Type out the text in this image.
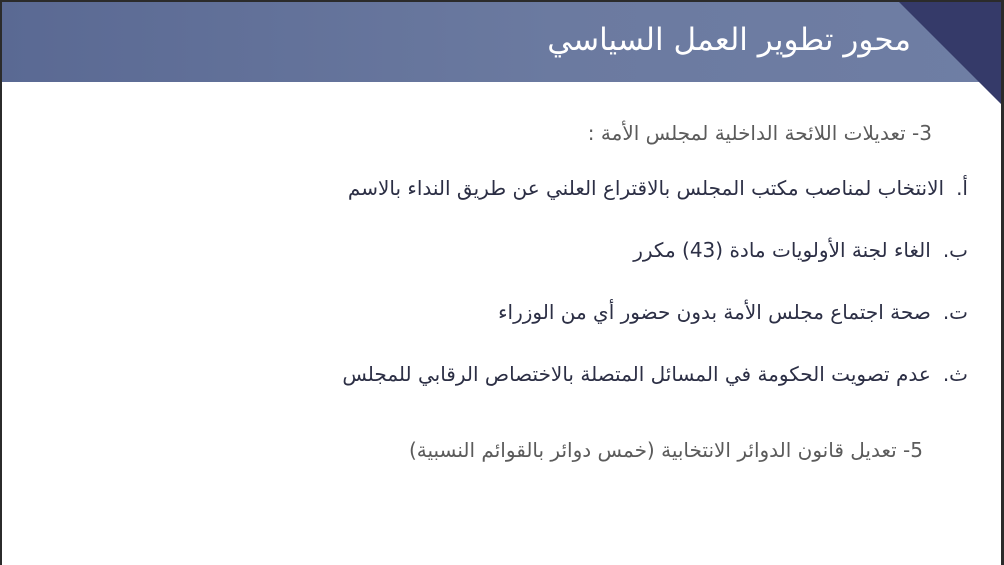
محور تطوير العمل السياسي
3- تعديلات اللائحة الداخلية لمجلس الأمة :
أ.الانتخاب لمناصب مكتب المجلس بالاقتراع العلني عن طريق النداء بالاسم
ب.الغاء لجنة الأولويات مادة (43) مكرر
ت.صحة اجتماع مجلس الأمة بدون حضور أي من الوزراء
ث.عدم تصويت الحكومة في المسائل المتصلة بالاختصاص الرقابي للمجلس
5- تعديل قانون الدوائر الانتخابية (خمس دوائر بالقوائم النسبية)
